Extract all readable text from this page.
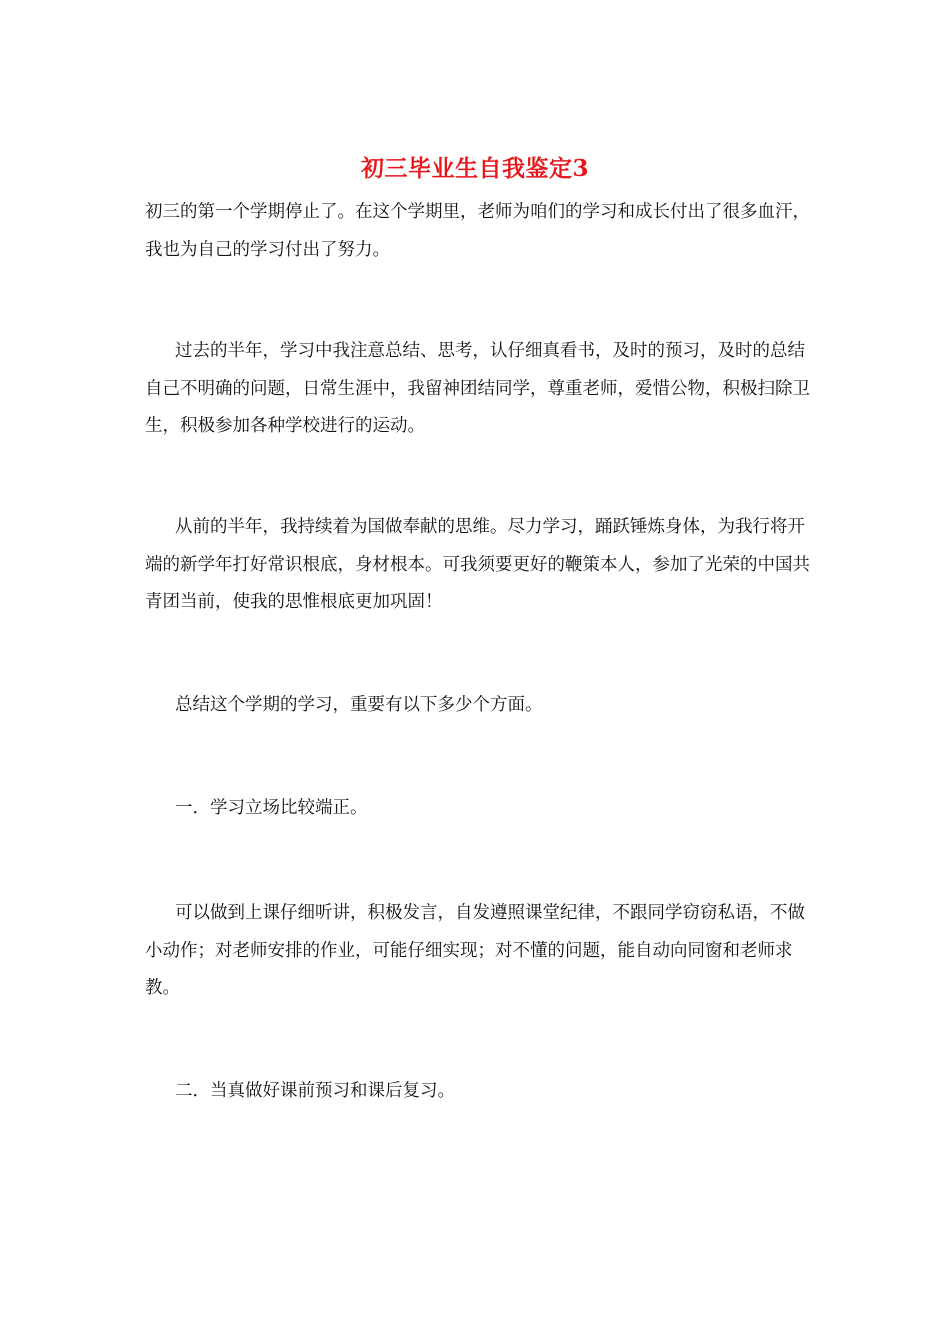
初三毕业生自我鉴定3

初三的第一个学期停止了。在这个学期里，老师为咱们的学习和成长付出了很多血汗，我也为自己的学习付出了努力。

过去的半年，学习中我注意总结、思考，认仔细真看书，及时的预习，及时的总结自己不明确的问题，日常生涯中，我留神团结同学，尊重老师，爱惜公物，积极扫除卫生，积极参加各种学校进行的运动。

从前的半年，我持续着为国做奉献的思维。尽力学习，踊跃锤炼身体，为我行将开端的新学年打好常识根底，身材根本。可我须要更好的鞭策本人，参加了光荣的中国共青团当前，使我的思惟根底更加巩固！

总结这个学期的学习，重要有以下多少个方面。

一．学习立场比较端正。

可以做到上课仔细听讲，积极发言，自发遵照课堂纪律，不跟同学窃窃私语，不做小动作；对老师安排的作业，可能仔细实现；对不懂的问题，能自动向同窗和老师求教。

二．当真做好课前预习和课后复习。
